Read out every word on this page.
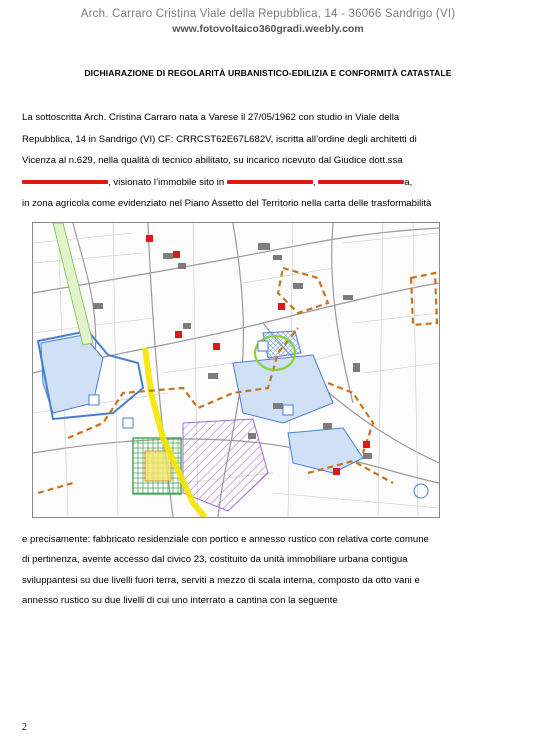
Arch. Carraro Cristina Viale della Repubblica, 14 - 36066 Sandrigo (VI)
www.fotovoltaico360gradi.weebly.com
DICHIARAZIONE DI REGOLARITÀ URBANISTICO-EDILIZIA E CONFORMITÀ CATASTALE
La sottoscritta Arch. Cristina Carraro nata a Varese il 27/05/1962 con studio in Viale della
Repubblica, 14 in Sandrigo (VI) CF: CRRCST62E67L682V, iscritta all’ordine degli architetti di
Vicenza al n.629, nella qualità di tecnico abilitato, su incarico ricevuto dal Giudice dott.ssa
, visionato l’immobile sito in	,	a,
in zona agricola come evidenziato nel Piano Assetto del Territorio nella carta delle trasformabilità
e precisamente: fabbricato residenziale con portico e annesso rustico con relativa corte comune
di pertinenza, avente accesso dal civico 23, costituito da unità immobiliare urbana contigua
sviluppantesi su due livelli fuori terra, serviti a mezzo di scala interna, composto da otto vani e
annesso rustico su due livelli di cui uno interrato a cantina con la seguente
2
